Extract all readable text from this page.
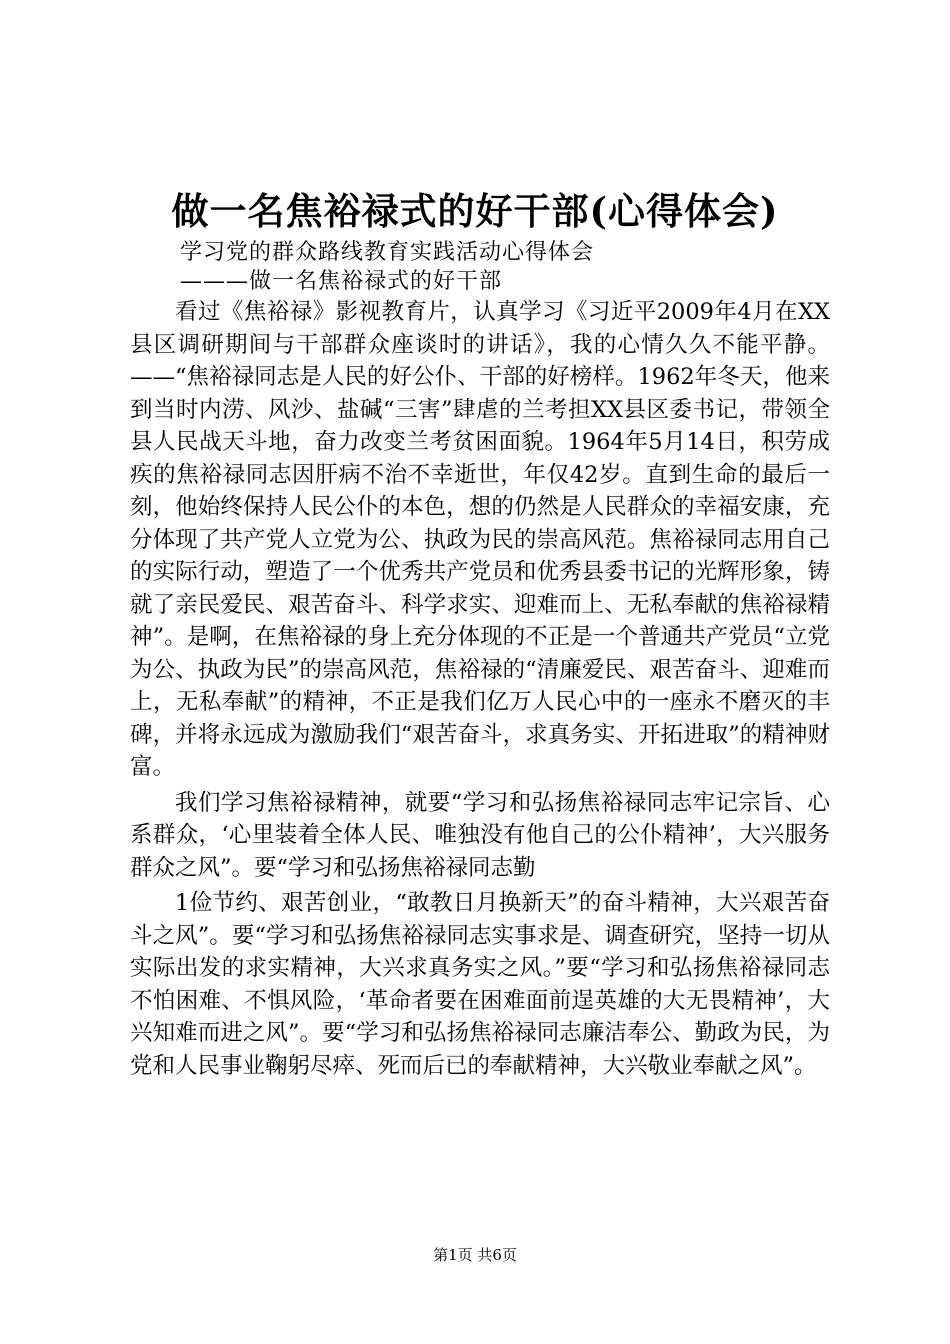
做一名焦裕禄式的好干部(心得体会)
学习党的群众路线教育实践活动心得体会
———做一名焦裕禄式的好干部

看过《焦裕禄》影视教育片，认真学习《习近平2009年4月在XX县区调研期间与干部群众座谈时的讲话》，我的心情久久不能平静。——“焦裕禄同志是人民的好公仆、干部的好榜样。1962年冬天，他来到当时内涝、风沙、盐碱“三害”肆虐的兰考担XX县区委书记，带领全县人民战天斗地，奋力改变兰考贫困面貌。1964年5月14日，积劳成疾的焦裕禄同志因肝病不治不幸逝世，年仅42岁。直到生命的最后一刻，他始终保持人民公仆的本色，想的仍然是人民群众的幸福安康，充分体现了共产党人立党为公、执政为民的崇高风范。焦裕禄同志用自己的实际行动，塑造了一个优秀共产党员和优秀县委书记的光辉形象，铸就了亲民爱民、艰苦奋斗、科学求实、迎难而上、无私奉献的焦裕禄精神”。是啊，在焦裕禄的身上充分体现的不正是一个普通共产党员“立党为公、执政为民”的崇高风范，焦裕禄的“清廉爱民、艰苦奋斗、迎难而上，无私奉献”的精神，不正是我们亿万人民心中的一座永不磨灭的丰碑，并将永远成为激励我们“艰苦奋斗，求真务实、开拓进取”的精神财富。

我们学习焦裕禄精神，就要“学习和弘扬焦裕禄同志牢记宗旨、心系群众，‘心里装着全体人民、唯独没有他自己的公仆精神’，大兴服务群众之风”。要“学习和弘扬焦裕禄同志勤

1俭节约、艰苦创业，“敢教日月换新天”的奋斗精神，大兴艰苦奋斗之风”。要“学习和弘扬焦裕禄同志实事求是、调查研究，坚持一切从实际出发的求实精神，大兴求真务实之风。”要“学习和弘扬焦裕禄同志不怕困难、不惧风险，‘革命者要在困难面前逞英雄的大无畏精神’，大兴知难而进之风”。要“学习和弘扬焦裕禄同志廉洁奉公、勤政为民，为党和人民事业鞠躬尽瘁、死而后已的奉献精神，大兴敬业奉献之风”。

第1页 共6页
